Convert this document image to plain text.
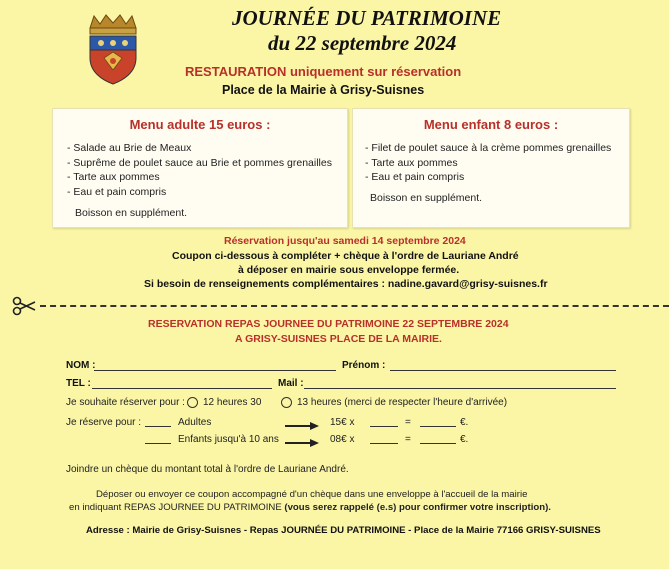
JOURNÉE DU PATRIMOINE
du 22 septembre 2024
RESTAURATION uniquement sur réservation
Place de la Mairie à Grisy-Suisnes
Menu adulte 15 euros :
- Salade au Brie de Meaux
- Suprême de poulet sauce au Brie et pommes grenailles
- Tarte aux pommes
- Eau et pain compris
Boisson en supplément.
Menu enfant 8 euros :
- Filet de poulet sauce à la crème pommes grenailles
- Tarte aux pommes
- Eau et pain compris
Boisson en supplément.
Réservation jusqu'au samedi 14 septembre 2024
Coupon ci-dessous à compléter + chèque à l'ordre de Lauriane André
à déposer en mairie sous enveloppe fermée.
Si besoin de renseignements complémentaires : nadine.gavard@grisy-suisnes.fr
RESERVATION REPAS JOURNEE DU PATRIMOINE 22 SEPTEMBRE 2024
A GRISY-SUISNES PLACE DE LA MAIRIE.
NOM :	Prénom :
TEL :	Mail :
Je souhaite réserver pour : 12 heures 30	13 heures (merci de respecter l'heure d'arrivée)
Je réserve pour :	Adultes	15€ x	=	€.
Enfants jusqu'à 10 ans	08€ x	=	€.
Joindre un chèque du montant total à l'ordre de Lauriane André.
Déposer ou envoyer ce coupon accompagné d'un chèque dans une enveloppe à l'accueil de la mairie
en indiquant REPAS JOURNEE DU PATRIMOINE (vous serez rappelé (e.s) pour confirmer votre inscription).
Adresse : Mairie de Grisy-Suisnes - Repas JOURNÉE DU PATRIMOINE - Place de la Mairie 77166 GRISY-SUISNES
